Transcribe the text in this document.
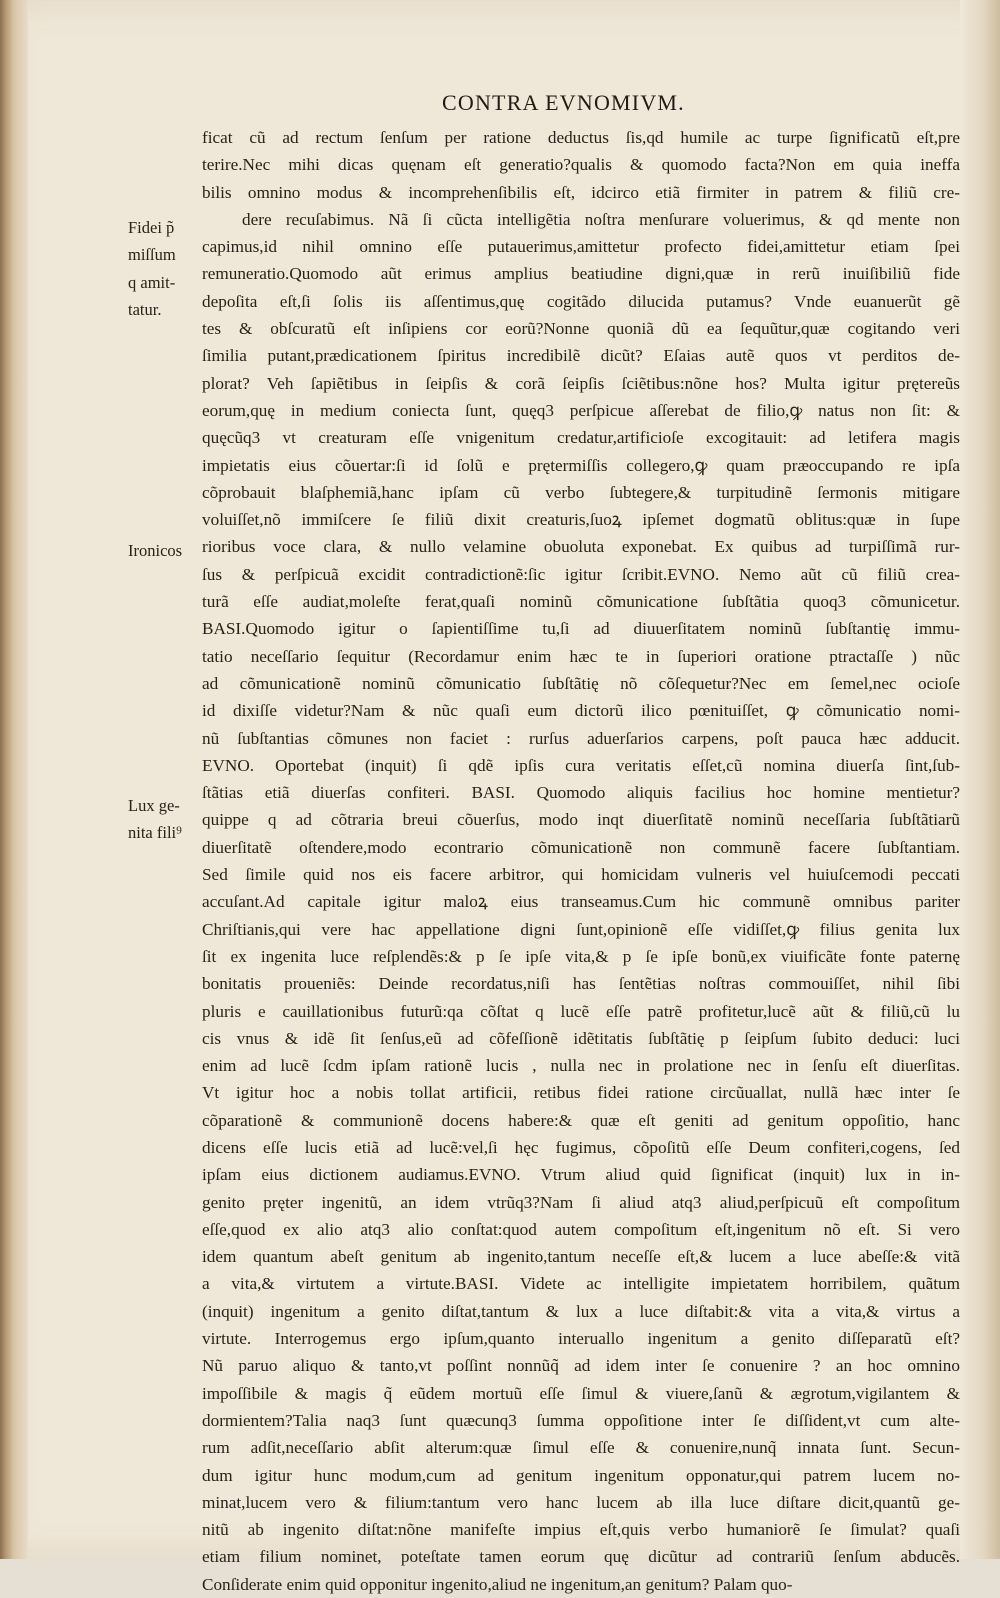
CONTRA EVNOMIVM.
Fidei p̃
miſſum
q amit-
tatur.
Ironicos
Lux ge-
nita fili⁹
ficat cũ ad rectum ſenſum per ratione deductus ſis,qd humile ac turpe ſignificatũ eſt,pre
terire.Nec mihi dicas quęnam eſt generatio?qualis & quomodo facta?Non em quia ineffa
bilis omnino modus & incomprehenſibilis eſt, idcirco etiã firmiter in patrem & filiũ cre-
dere recuſabimus. Nã ſi cũcta intelligẽtia noſtra menſurare voluerimus, & qd mente non
capimus,id nihil omnino eſſe putauerimus,amittetur profecto fidei,amittetur etiam ſpei
remuneratio.Quomodo aũt erimus amplius beatiudine digni,quæ in rerũ inuiſibiliũ fide
depoſita eſt,ſi ſolis iis aſſentimus,quę cogitãdo dilucida putamus? Vnde euanuerũt gẽ
tes & obſcuratũ eſt inſipiens cor eorũ?Nonne quoniã dũ ea ſequũtur,quæ cogitando veri
ſimilia putant,prædicationem ſpiritus incredibilẽ dicũt? Eſaias autẽ quos vt perditos de-
plorat? Veh ſapiẽtibus in ſeipſis & corã ſeipſis ſciẽtibus:nõne hos? Multa igitur prętereũs
eorum,quę in medium coniecta ſunt, quęq3 perſpicue aſſerebat de filio,ꝙ natus non ſit: &
quęcũq3 vt creaturam eſſe vnigenitum credatur,artificioſe excogitauit: ad letifera magis
impietatis eius cõuertar:ſi id ſolũ e prętermiſſis collegero,ꝙ quam præoccupando re ipſa
cõprobauit blaſphemiã,hanc ipſam cũ verbo ſubtegere,& turpitudinẽ ſermonis mitigare
voluiſſet,nõ immiſcere ſe filiũ dixit creaturis,ſuoꝝ ipſemet dogmatũ oblitus:quæ in ſupe
rioribus voce clara, & nullo velamine obuoluta exponebat. Ex quibus ad turpiſſimã rur-
ſus & perſpicuã excidit contradictionẽ:ſic igitur ſcribit.EVNO. Nemo aũt cũ filiũ crea-
turã eſſe audiat,moleſte ferat,quaſi nominũ cõmunicatione ſubſtãtia quoq3 cõmunicetur.
BASI.Quomodo igitur o ſapientiſſime tu,ſi ad diuuerſitatem nominũ ſubſtantię immu-
tatio neceſſario ſequitur (Recordamur enim hæc te in ſuperiori oratione ptractaſſe ) nũc
ad cõmunicationẽ nominũ cõmunicatio ſubſtãtię nõ cõſequetur?Nec em ſemel,nec ocioſe
id dixiſſe videtur?Nam & nũc quaſi eum dictorũ ilico pœnituiſſet, ꝙ cõmunicatio nomi-
nũ ſubſtantias cõmunes non faciet : rurſus aduerſarios carpens, poſt pauca hæc adducit.
EVNO. Oportebat (inquit) ſi qdẽ ipſis cura veritatis eſſet,cũ nomina diuerſa ſint,ſub-
ſtãtias etiã diuerſas confiteri. BASI. Quomodo aliquis facilius hoc homine mentietur?
quippe q ad cõtraria breui cõuerſus, modo inqt diuerſitatẽ nominũ neceſſaria ſubſtãtiarũ
diuerſitatẽ oſtendere,modo econtrario cõmunicationẽ non communẽ facere ſubſtantiam.
Sed ſimile quid nos eis facere arbitror, qui homicidam vulneris vel huiuſcemodi peccati
accuſant.Ad capitale igitur maloꝝ eius transeamus.Cum hic communẽ omnibus pariter
Chriſtianis,qui vere hac appellatione digni ſunt,opinionẽ eſſe vidiſſet,ꝙ filius genita lux
ſit ex ingenita luce reſplendẽs:& p ſe ipſe vita,& p ſe ipſe bonũ,ex viuificãte fonte paternę
bonitatis proueniẽs: Deinde recordatus,niſi has ſentẽtias noſtras commouiſſet, nihil ſibi
pluris e cauillationibus futurũ:qa cõſtat q lucẽ eſſe patrẽ profitetur,lucẽ aũt & filiũ,cũ lu
cis vnus & idẽ ſit ſenſus,eũ ad cõfeſſionẽ idẽtitatis ſubſtãtię p ſeipſum ſubito deduci: luci
enim ad lucẽ ſcdm ipſam rationẽ lucis , nulla nec in prolatione nec in ſenſu eſt diuerſitas.
Vt igitur hoc a nobis tollat artificii, retibus fidei ratione circũuallat, nullã hæc inter ſe
cõparationẽ & communionẽ docens habere:& quæ eſt geniti ad genitum oppoſitio, hanc
dicens eſſe lucis etiã ad lucẽ:vel,ſi hęc fugimus, cõpoſitũ eſſe Deum confiteri,cogens, ſed
ipſam eius dictionem audiamus.EVNO. Vtrum aliud quid ſignificat (inquit) lux in in-
genito pręter ingenitũ, an idem vtrũq3?Nam ſi aliud atq3 aliud,perſpicuũ eſt compoſitum
eſſe,quod ex alio atq3 alio conſtat:quod autem compoſitum eſt,ingenitum nõ eſt. Si vero
idem quantum abeſt genitum ab ingenito,tantum neceſſe eſt,& lucem a luce abeſſe:& vitã
a vita,& virtutem a virtute.BASI. Videte ac intelligite impietatem horribilem, quãtum
(inquit) ingenitum a genito diſtat,tantum & lux a luce diſtabit:& vita a vita,& virtus a
virtute. Interrogemus ergo ipſum,quanto interuallo ingenitum a genito diſſeparatũ eſt?
Nũ paruo aliquo & tanto,vt poſſint nonnũq̃ ad idem inter ſe conuenire ? an hoc omnino
impoſſibile & magis q̃ eũdem mortuũ eſſe ſimul & viuere,ſanũ & ægrotum,vigilantem &
dormientem?Talia naq3 ſunt quæcunq3 ſumma oppoſitione inter ſe diſſident,vt cum alte-
rum adſit,neceſſario abſit alterum:quæ ſimul eſſe & conuenire,nunq̃ innata ſunt. Secun-
dum igitur hunc modum,cum ad genitum ingenitum opponatur,qui patrem lucem no-
minat,lucem vero & filium:tantum vero hanc lucem ab illa luce diſtare dicit,quantũ ge-
nitũ ab ingenito diſtat:nõne manifeſte impius eſt,quis verbo humaniorẽ ſe ſimulat? quaſi
etiam filium nominet, poteſtate tamen eorum quę dicũtur ad contrariũ ſenſum abducẽs.
Conſiderate enim quid opponitur ingenito,aliud ne ingenitum,an genitum? Palam quo-
